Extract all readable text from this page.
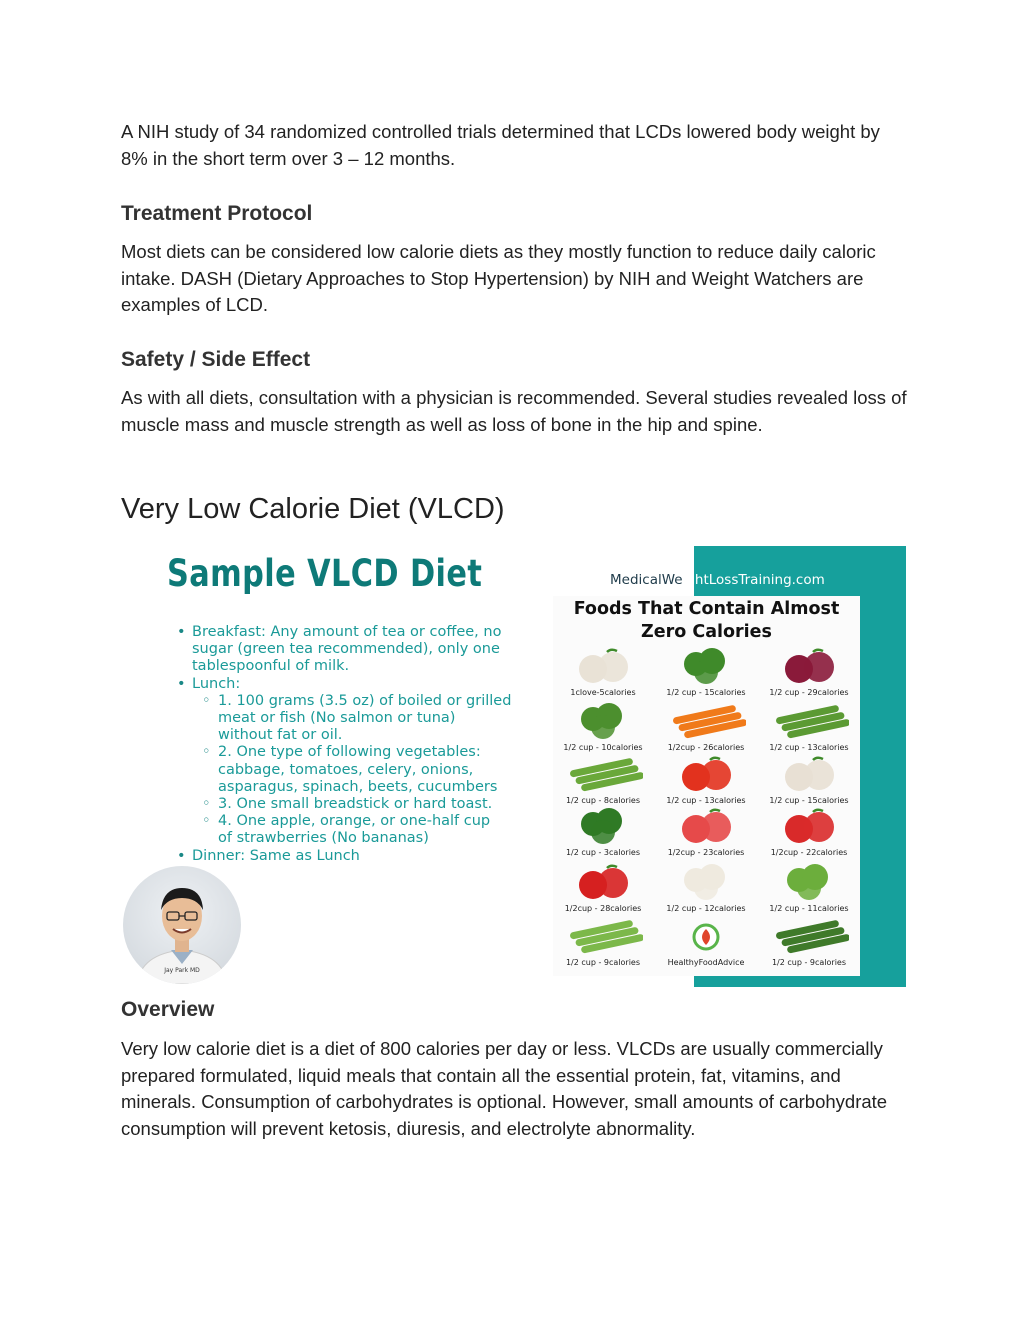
A NIH study of 34 randomized controlled trials determined that LCDs lowered body weight by 8% in the short term over 3 – 12 months.

Treatment Protocol

Most diets can be considered low calorie diets as they mostly function to reduce daily caloric intake. DASH (Dietary Approaches to Stop Hypertension) by NIH and Weight Watchers are examples of LCD.

Safety / Side Effect

As with all diets, consultation with a physician is recommended. Several studies revealed loss of muscle mass and muscle strength as well as loss of bone in the hip and spine.

Very Low Calorie Diet (VLCD)
Overview

Very low calorie diet is a diet of 800 calories per day or less. VLCDs are usually commercially prepared formulated, liquid meals that contain all the essential protein, fat, vitamins, and minerals. Consumption of carbohydrates is optional. However, small amounts of carbohydrate consumption will prevent ketosis, diuresis, and electrolyte abnormality.

Sample VLCD Diet	MedicalWeightLossTraining.com
• Breakfast: Any amount of tea or coffee, no
sugar (green tea recommended), only one
tablespoonful of milk.
• Lunch:
◦ 1. 100 grams (3.5 oz) of boiled or grilled
meat or fish (No salmon or tuna)
without fat or oil.
◦ 2. One type of following vegetables:
cabbage, tomatoes, celery, onions,
asparagus, spinach, beets, cucumbers
◦ 3. One small breadstick or hard toast.
◦ 4. One apple, orange, or one-half cup
of strawberries (No bananas)
• Dinner: Same as Lunch
Foods That Contain Almost
Zero Calories
1clove-5calories	1/2 cup - 15calories	1/2 cup - 29calories
1/2 cup - 10calories	1/2cup - 26calories	1/2 cup - 13calories
1/2 cup - 8calories	1/2 cup - 13calories	1/2 cup - 15calories
1/2 cup - 3calories	1/2cup - 23calories	1/2cup - 22calories
1/2cup - 28calories	1/2 cup - 12calories	1/2 cup - 11calories
1/2 cup - 9calories	HealthyFoodAdvice	1/2 cup - 9calories
Jay Park MD
